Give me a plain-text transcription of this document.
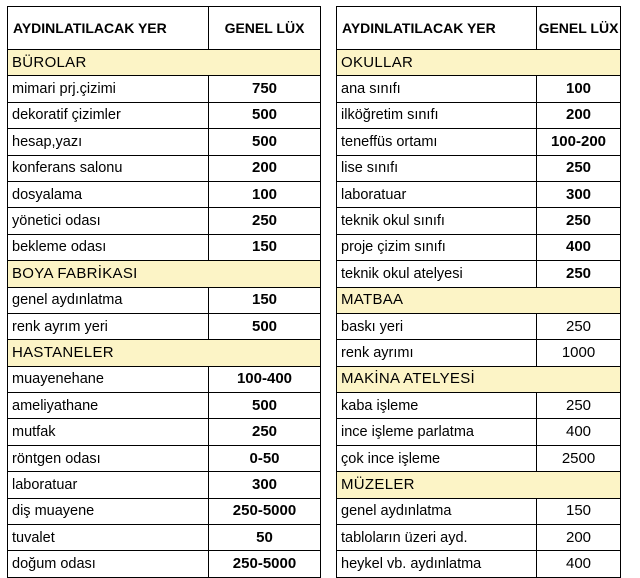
AYDINLATILACAK YER	GENEL LÜX
BÜROLAR	
mimari prj.çizimi	750
dekoratif çizimler	500
hesap,yazı	500
konferans salonu	200
dosyalama	100
yönetici odası	250
bekleme odası	150
BOYA FABRİKASI	
genel aydınlatma	150
renk ayrım yeri	500
HASTANELER	
muayenehane	100-400
ameliyathane	500
mutfak	250
röntgen odası	0-50
laboratuar	300
diş muayene	250-5000
tuvalet	50
doğum odası	250-5000
AYDINLATILACAK YER	GENEL LÜX
OKULLAR	
ana sınıfı	100
ilköğretim sınıfı	200
teneffüs ortamı	100-200
lise sınıfı	250
laboratuar	300
teknik okul sınıfı	250
proje çizim sınıfı	400
teknik okul atelyesi	250
MATBAA	
baskı yeri	250
renk ayrımı	1000
MAKİNA ATELYESİ	
kaba işleme	250
ince işleme parlatma	400
çok ince işleme	2500
MÜZELER	
genel aydınlatma	150
tabloların üzeri ayd.	200
heykel vb. aydınlatma	400
